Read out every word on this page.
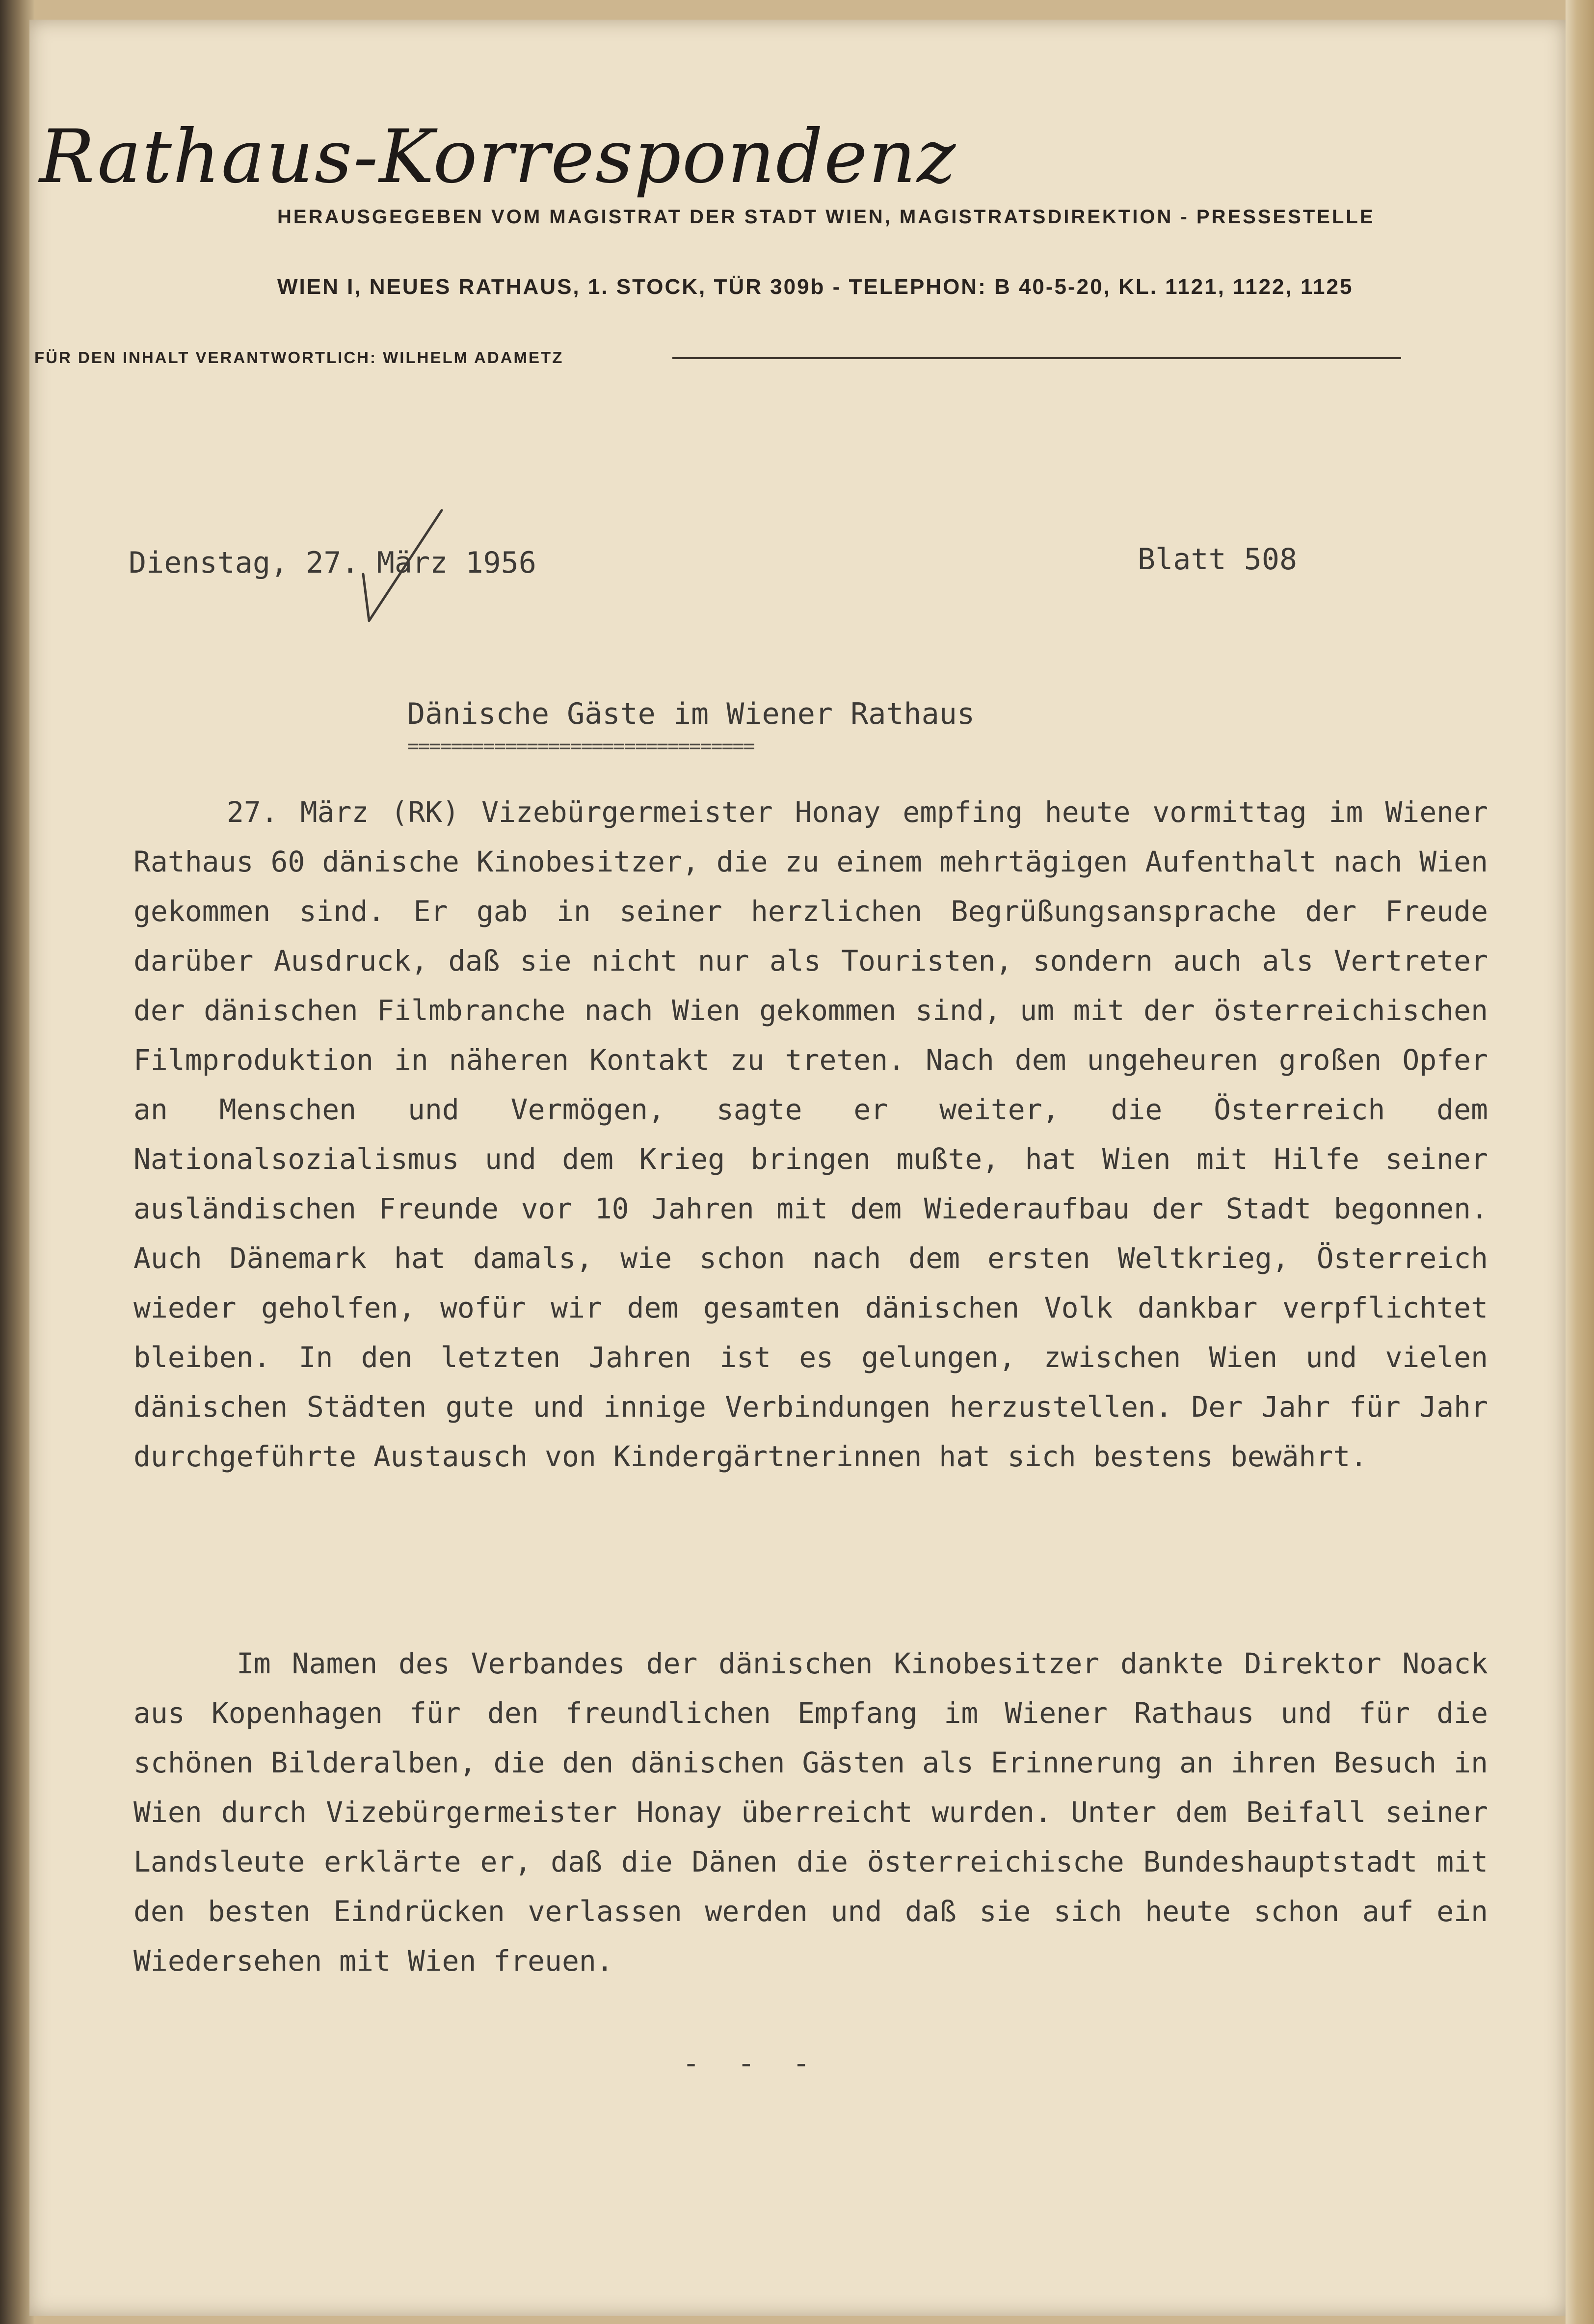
Rathaus-Korrespondenz
HERAUSGEGEBEN VOM MAGISTRAT DER STADT WIEN, MAGISTRATSDIREKTION - PRESSESTELLE
WIEN I, NEUES RATHAUS, 1. STOCK, TÜR 309b - TELEPHON: B 40-5-20, KL. 1121, 1122, 1125
FÜR DEN INHALT VERANTWORTLICH: WILHELM ADAMETZ
Dienstag, 27. März 1956	Blatt 508
Dänische Gäste im Wiener Rathaus
================================
27. März (RK) Vizebürgermeister Honay empfing heute vormittag im Wiener Rathaus 60 dänische Kinobesitzer, die zu einem mehrtägigen Aufenthalt nach Wien gekommen sind. Er gab in seiner herzlichen Begrüßungsansprache der Freude darüber Ausdruck, daß sie nicht nur als Touristen, sondern auch als Vertreter der dänischen Filmbranche nach Wien gekommen sind, um mit der österreichischen Filmproduktion in näheren Kontakt zu treten. Nach dem ungeheuren großen Opfer an Menschen und Vermögen, sagte er weiter, die Österreich dem Nationalsozialismus und dem Krieg bringen mußte, hat Wien mit Hilfe seiner ausländischen Freunde vor 10 Jahren mit dem Wiederaufbau der Stadt begonnen. Auch Dänemark hat damals, wie schon nach dem ersten Weltkrieg, Österreich wieder geholfen, wofür wir dem gesamten dänischen Volk dankbar verpflichtet bleiben. In den letzten Jahren ist es gelungen, zwischen Wien und vielen dänischen Städten gute und innige Verbindungen herzustellen. Der Jahr für Jahr durchgeführte Austausch von Kindergärtnerinnen hat sich bestens bewährt.
Im Namen des Verbandes der dänischen Kinobesitzer dankte Direktor Noack aus Kopenhagen für den freundlichen Empfang im Wiener Rathaus und für die schönen Bilderalben, die den dänischen Gästen als Erinnerung an ihren Besuch in Wien durch Vizebürgermeister Honay überreicht wurden. Unter dem Beifall seiner Landsleute erklärte er, daß die Dänen die österreichische Bundeshauptstadt mit den besten Eindrücken verlassen werden und daß sie sich heute schon auf ein Wiedersehen mit Wien freuen.
- - -
